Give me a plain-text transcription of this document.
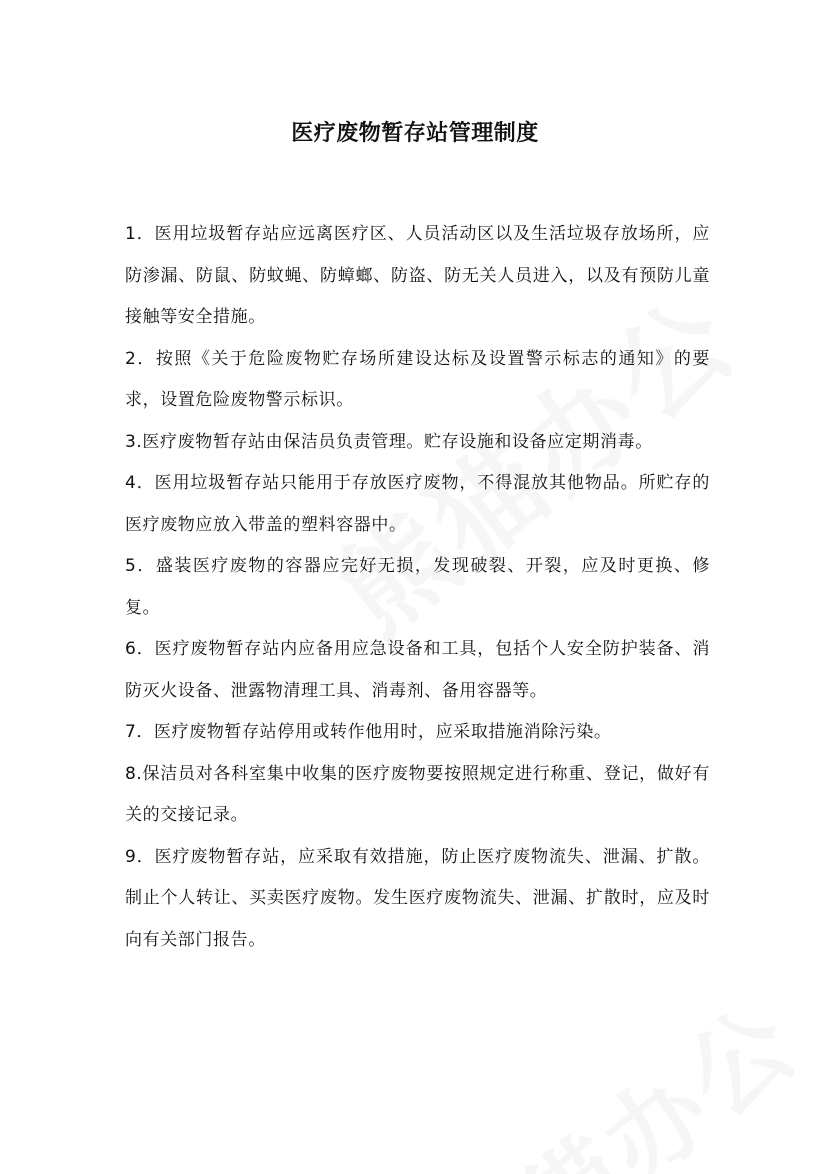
医疗废物暂存站管理制度

1．医用垃圾暂存站应远离医疗区、人员活动区以及生活垃圾存放场所，应防渗漏、防鼠、防蚊蝇、防蟑螂、防盗、防无关人员进入，以及有预防儿童接触等安全措施。

2．按照《关于危险废物贮存场所建设达标及设置警示标志的通知》的要求，设置危险废物警示标识。

3.医疗废物暂存站由保洁员负责管理。贮存设施和设备应定期消毒。

4．医用垃圾暂存站只能用于存放医疗废物，不得混放其他物品。所贮存的医疗废物应放入带盖的塑料容器中。

5．盛装医疗废物的容器应完好无损，发现破裂、开裂，应及时更换、修复。

6．医疗废物暂存站内应备用应急设备和工具，包括个人安全防护装备、消防灭火设备、泄露物清理工具、消毒剂、备用容器等。

7．医疗废物暂存站停用或转作他用时，应采取措施消除污染。

8.保洁员对各科室集中收集的医疗废物要按照规定进行称重、登记，做好有关的交接记录。

9．医疗废物暂存站，应采取有效措施，防止医疗废物流失、泄漏、扩散。制止个人转让、买卖医疗废物。发生医疗废物流失、泄漏、扩散时，应及时向有关部门报告。
